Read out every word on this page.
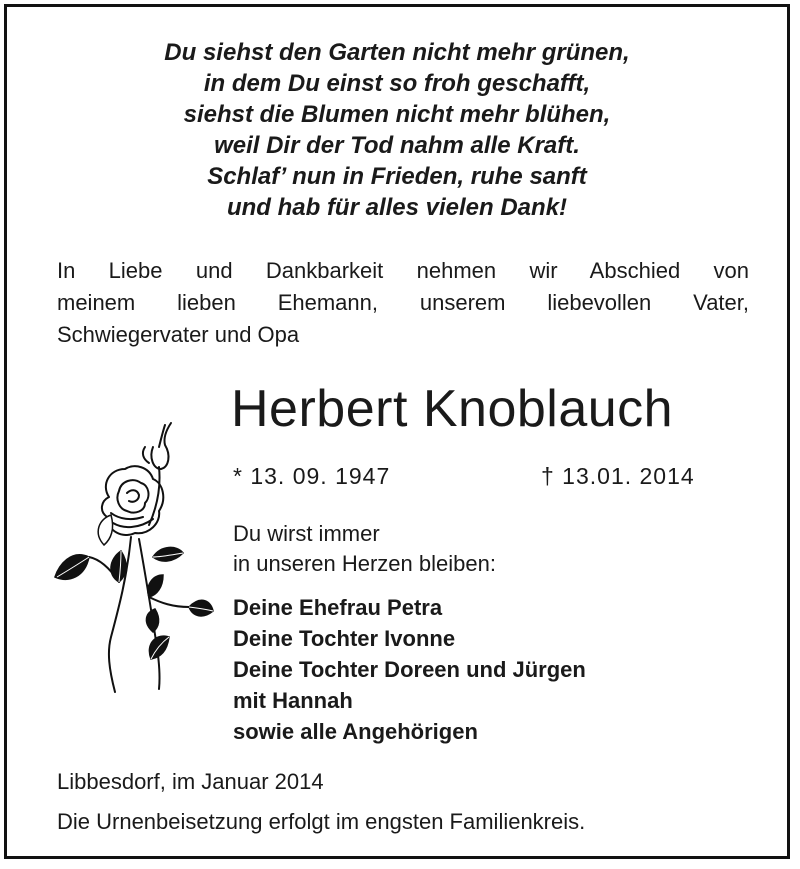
Du siehst den Garten nicht mehr grünen,
in dem Du einst so froh geschafft,
siehst die Blumen nicht mehr blühen,
weil Dir der Tod nahm alle Kraft.
Schlaf’ nun in Frieden, ruhe sanft
und hab für alles vielen Dank!
In Liebe und Dankbarkeit nehmen wir Abschied von
meinem lieben Ehemann, unserem liebevollen Vater,
Schwiegervater und Opa
Herbert Knoblauch
* 13. 09. 1947	† 13.01. 2014
Du wirst immer
in unseren Herzen bleiben:
Deine Ehefrau Petra
Deine Tochter Ivonne
Deine Tochter Doreen und Jürgen
mit Hannah
sowie alle Angehörigen
Libbesdorf, im Januar 2014
Die Urnenbeisetzung erfolgt im engsten Familienkreis.
